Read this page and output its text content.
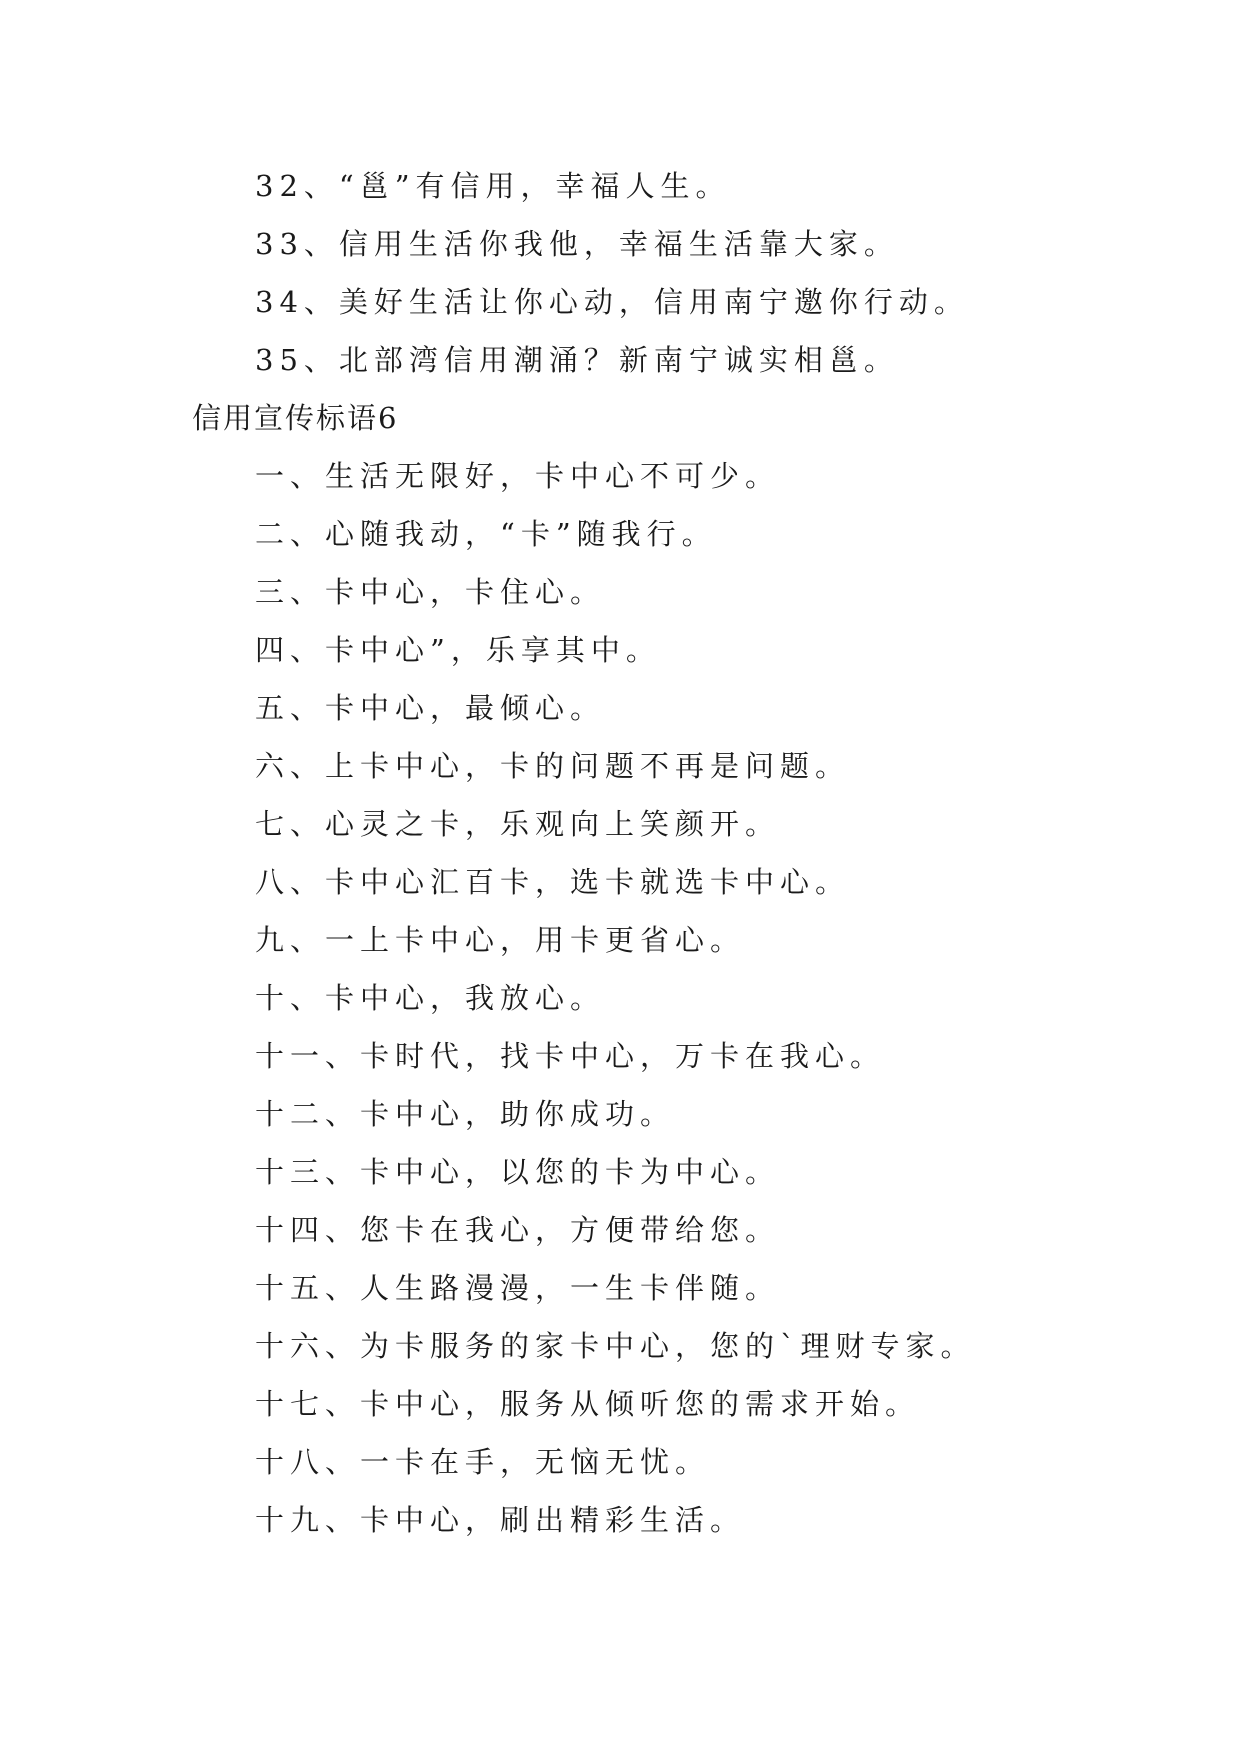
32、“邕”有信用，幸福人生。
33、信用生活你我他，幸福生活靠大家。
34、美好生活让你心动，信用南宁邀你行动。
35、北部湾信用潮涌？新南宁诚实相邕。
信用宣传标语6
一、生活无限好，卡中心不可少。
二、心随我动，“卡”随我行。
三、卡中心，卡住心。
四、卡中心”，乐享其中。
五、卡中心，最倾心。
六、上卡中心，卡的问题不再是问题。
七、心灵之卡，乐观向上笑颜开。
八、卡中心汇百卡，选卡就选卡中心。
九、一上卡中心，用卡更省心。
十、卡中心，我放心。
十一、卡时代，找卡中心，万卡在我心。
十二、卡中心，助你成功。
十三、卡中心，以您的卡为中心。
十四、您卡在我心，方便带给您。
十五、人生路漫漫，一生卡伴随。
十六、为卡服务的家卡中心，您的`理财专家。
十七、卡中心，服务从倾听您的需求开始。
十八、一卡在手，无恼无忧。
十九、卡中心，刷出精彩生活。
